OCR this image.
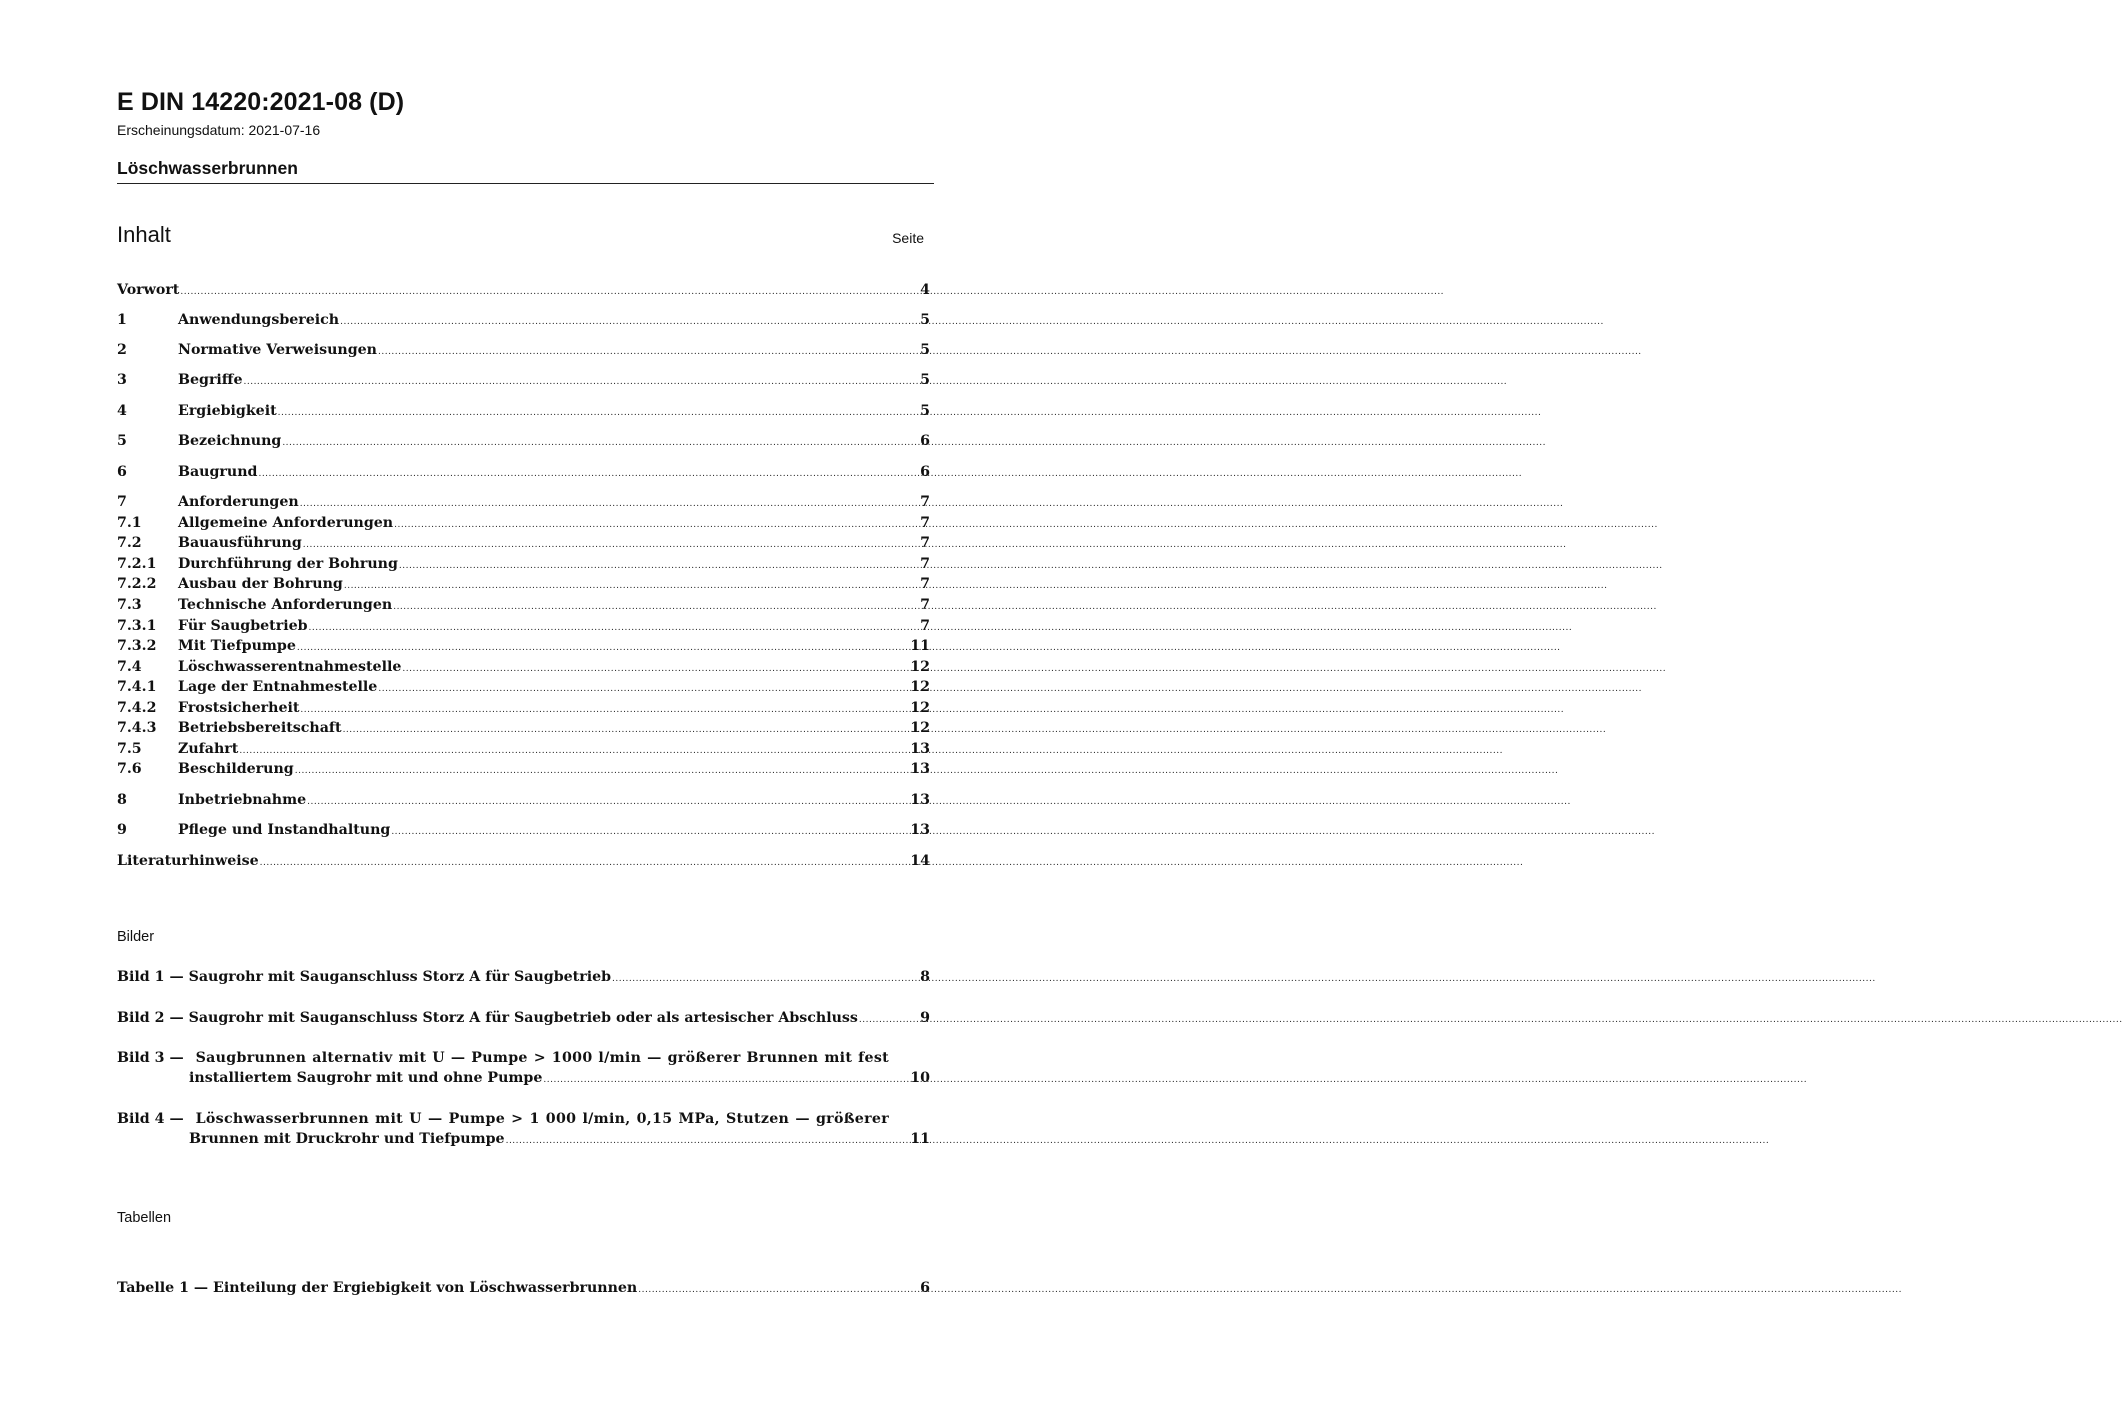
E DIN 14220:2021-08 (D)
Erscheinungsdatum: 2021-07-16
Löschwasserbrunnen
Inhalt	Seite
Vorwort .....	4
1	Anwendungsbereich .....	5
2	Normative Verweisungen .....	5
3	Begriffe .....	5
4	Ergiebigkeit .....	5
5	Bezeichnung .....	6
6	Baugrund .....	6
7	Anforderungen .....	7
7.1	Allgemeine Anforderungen .....	7
7.2	Bauausführung .....	7
7.2.1	Durchführung der Bohrung .....	7
7.2.2	Ausbau der Bohrung .....	7
7.3	Technische Anforderungen .....	7
7.3.1	Für Saugbetrieb .....	7
7.3.2	Mit Tiefpumpe .....	11
7.4	Löschwasserentnahmestelle .....	12
7.4.1	Lage der Entnahmestelle .....	12
7.4.2	Frostsicherheit .....	12
7.4.3	Betriebsbereitschaft .....	12
7.5	Zufahrt .....	13
7.6	Beschilderung .....	13
8	Inbetriebnahme .....	13
9	Pflege und Instandhaltung .....	13
Literaturhinweise .....	14
Bilder
Bild 1 — Saugrohr mit Sauganschluss Storz A für Saugbetrieb .....	8
Bild 2 — Saugrohr mit Sauganschluss Storz A für Saugbetrieb oder als artesischer Abschluss .....	9
Bild 3 — Saugbrunnen alternativ mit U — Pumpe > 1000 l/min — größerer Brunnen mit fest
installiertem Saugrohr mit und ohne Pumpe .....	10
Bild 4 — Löschwasserbrunnen mit U — Pumpe > 1 000 l/min, 0,15 MPa, Stutzen — größerer
Brunnen mit Druckrohr und Tiefpumpe .....	11
Tabellen
Tabelle 1 — Einteilung der Ergiebigkeit von Löschwasserbrunnen .....	6
